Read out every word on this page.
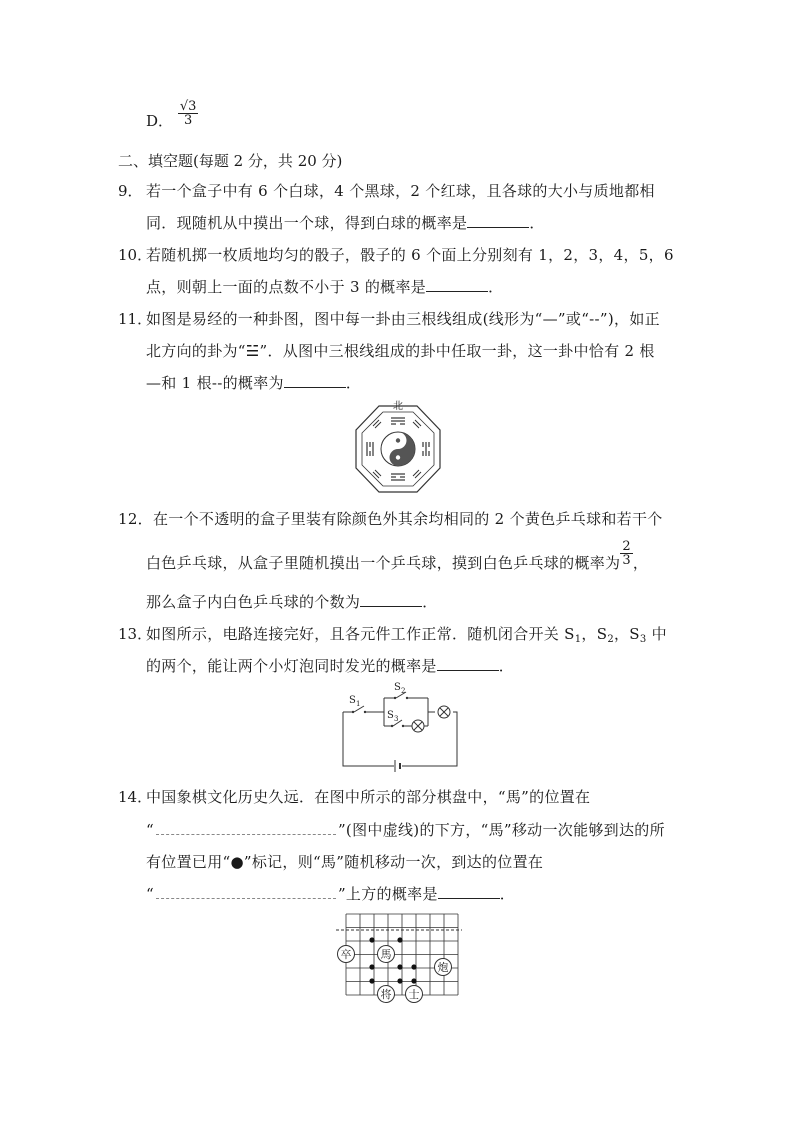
D． $\frac{√3}{3}$
二、填空题(每题 2 分，共 20 分)
9． 若一个盒子中有 6 个白球，4 个黑球，2 个红球，且各球的大小与质地都相
同．现随机从中摸出一个球，得到白球的概率是	．
10．
若随机掷一枚质地均匀的骰子，骰子的 6 个面上分别刻有 1，2，3，4，5，6
点，则朝上一面的点数不小于 3 的概率是	．
11．
如图是易经的一种卦图，图中每一卦由三根线组成(线形为“—”或“--”)，如正
北方向的卦为“☱”．从图中三根线组成的卦中任取一卦，这一卦中恰有 2 根
—和 1 根--的概率为	．
北
12．在一个不透明的盒子里装有除颜色外其余均相同的 2 个黄色乒乓球和若干个
白色乒乓球，从盒子里随机摸出一个乒乓球，摸到白色乒乓球的概率为 $\frac{2}{3}$ ，
那么盒子内白色乒乓球的个数为	．
13．
如图所示，电路连接完好，且各元件工作正常．随机闭合开关 $S_1$，$S_2$，$S_3$ 中
的两个，能让两个小灯泡同时发光的概率是	．
S 1
S 2
S 3
14．
中国象棋文化历史久远．在图中所示的部分棋盘中，“馬”的位置在
“	”(图中虚线)的下方，“馬”移动一次能够到达的所
有位置已用“●”标记，则“馬”随机移动一次，到达的位置在
“	”上方的概率是	．
卒	馬
炮
将 士
